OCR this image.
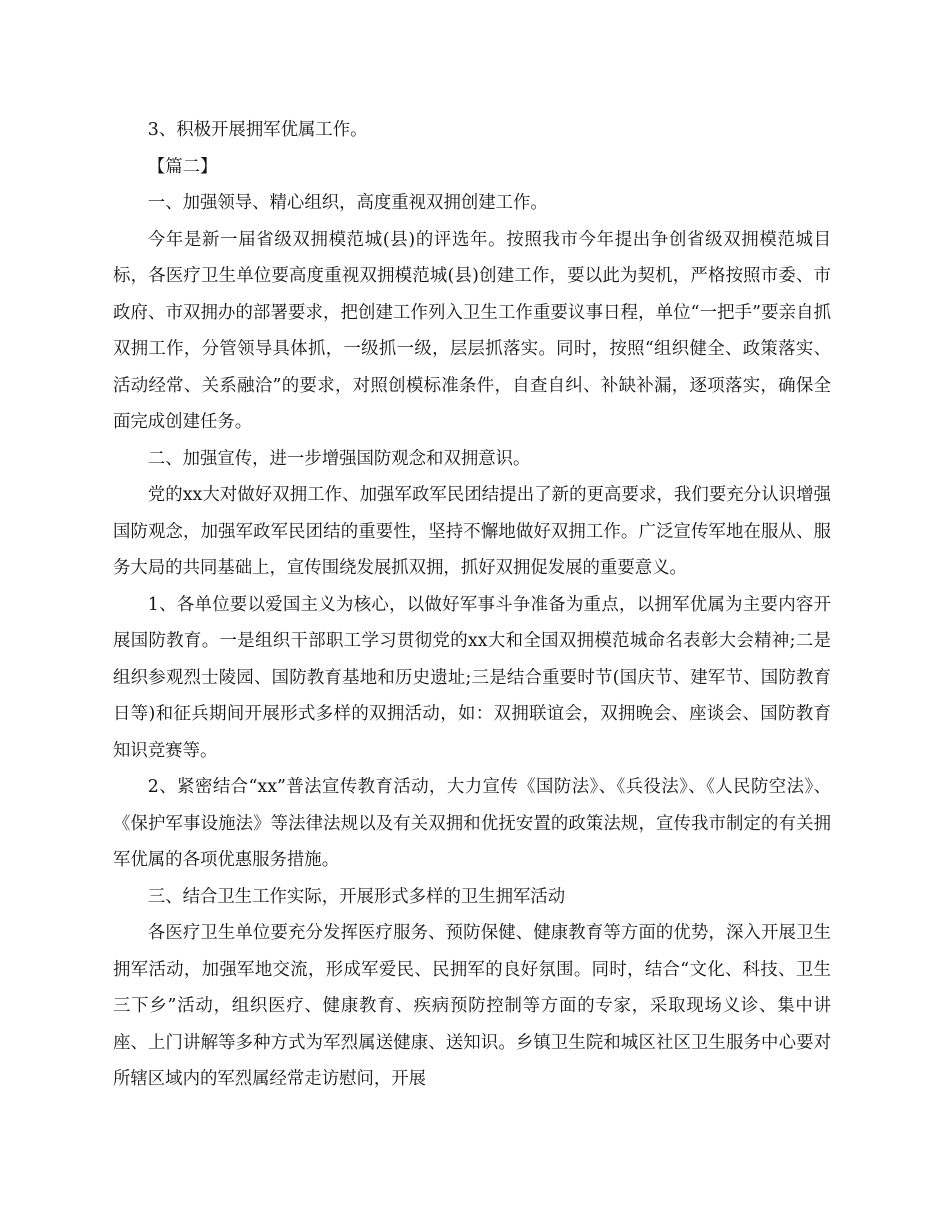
3、积极开展拥军优属工作。

【篇二】

一、加强领导、精心组织，高度重视双拥创建工作。

今年是新一届省级双拥模范城(县)的评选年。按照我市今年提出争创省级双拥模范城目标，各医疗卫生单位要高度重视双拥模范城(县)创建工作，要以此为契机，严格按照市委、市政府、市双拥办的部署要求，把创建工作列入卫生工作重要议事日程，单位“一把手”要亲自抓双拥工作，分管领导具体抓，一级抓一级，层层抓落实。同时，按照“组织健全、政策落实、活动经常、关系融洽”的要求，对照创模标准条件，自查自纠、补缺补漏，逐项落实，确保全面完成创建任务。

二、加强宣传，进一步增强国防观念和双拥意识。

党的xx大对做好双拥工作、加强军政军民团结提出了新的更高要求，我们要充分认识增强国防观念，加强军政军民团结的重要性，坚持不懈地做好双拥工作。广泛宣传军地在服从、服务大局的共同基础上，宣传围绕发展抓双拥，抓好双拥促发展的重要意义。

1、各单位要以爱国主义为核心，以做好军事斗争准备为重点，以拥军优属为主要内容开展国防教育。一是组织干部职工学习贯彻党的xx大和全国双拥模范城命名表彰大会精神;二是组织参观烈士陵园、国防教育基地和历史遗址;三是结合重要时节(国庆节、建军节、国防教育日等)和征兵期间开展形式多样的双拥活动，如：双拥联谊会，双拥晚会、座谈会、国防教育知识竞赛等。

2、紧密结合“xx”普法宣传教育活动，大力宣传《国防法》、《兵役法》、《人民防空法》、《保护军事设施法》等法律法规以及有关双拥和优抚安置的政策法规，宣传我市制定的有关拥军优属的各项优惠服务措施。

三、结合卫生工作实际，开展形式多样的卫生拥军活动

各医疗卫生单位要充分发挥医疗服务、预防保健、健康教育等方面的优势，深入开展卫生拥军活动，加强军地交流，形成军爱民、民拥军的良好氛围。同时，结合“文化、科技、卫生三下乡”活动，组织医疗、健康教育、疾病预防控制等方面的专家，采取现场义诊、集中讲座、上门讲解等多种方式为军烈属送健康、送知识。乡镇卫生院和城区社区卫生服务中心要对所辖区域内的军烈属经常走访慰问，开展
